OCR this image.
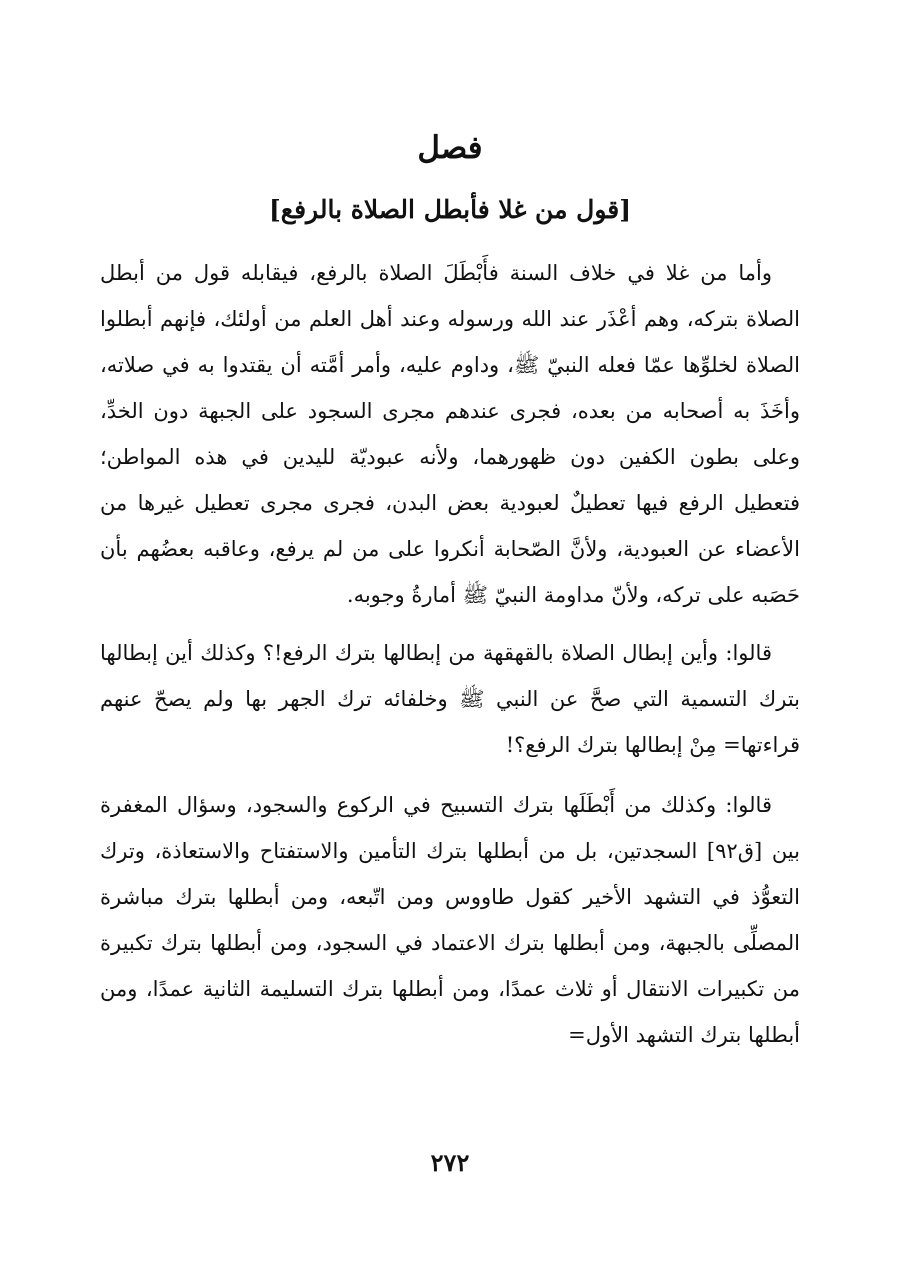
فصل
[قول من غلا فأبطل الصلاة بالرفع]

وأما من غلا في خلاف السنة فأَبْطَلَ الصلاة بالرفع، فيقابله قول من أبطل الصلاة بتركه، وهم أعْذَر عند الله ورسوله وعند أهل العلم من أولئك، فإنهم أبطلوا الصلاة لخلوِّها عمّا فعله النبيّ ﷺ، وداوم عليه، وأمر أمَّته أن يقتدوا به في صلاته، وأخَذَ به أصحابه من بعده، فجرى عندهم مجرى السجود على الجبهة دون الخدِّ، وعلى بطون الكفين دون ظهورهما، ولأنه عبوديّة لليدين في هذه المواطن؛ فتعطيل الرفع فيها تعطيلٌ لعبودية بعض البدن، فجرى مجرى تعطيل غيرها من الأعضاء عن العبودية، ولأنَّ الصّحابة أنكروا على من لم يرفع، وعاقبه بعضُهم بأن حَصَبه على تركه، ولأنّ مداومة النبيّ ﷺ أمارةُ وجوبه.

قالوا: وأين إبطال الصلاة بالقهقهة من إبطالها بترك الرفع!؟ وكذلك أين إبطالها بترك التسمية التي صحَّ عن النبي ﷺ وخلفائه ترك الجهر بها ولم يصحّ عنهم قراءتها= مِنْ إبطالها بترك الرفع؟!

قالوا: وكذلك من أَبْطَلَها بترك التسبيح في الركوع والسجود، وسؤال المغفرة بين [ق٩٢] السجدتين، بل من أبطلها بترك التأمين والاستفتاح والاستعاذة، وترك التعوُّذ في التشهد الأخير كقول طاووس ومن اتّبعه، ومن أبطلها بترك مباشرة المصلِّى بالجبهة، ومن أبطلها بترك الاعتماد في السجود، ومن أبطلها بترك تكبيرة من تكبيرات الانتقال أو ثلاث عمدًا، ومن أبطلها بترك التسليمة الثانية عمدًا، ومن أبطلها بترك التشهد الأول=

٢٧٢
